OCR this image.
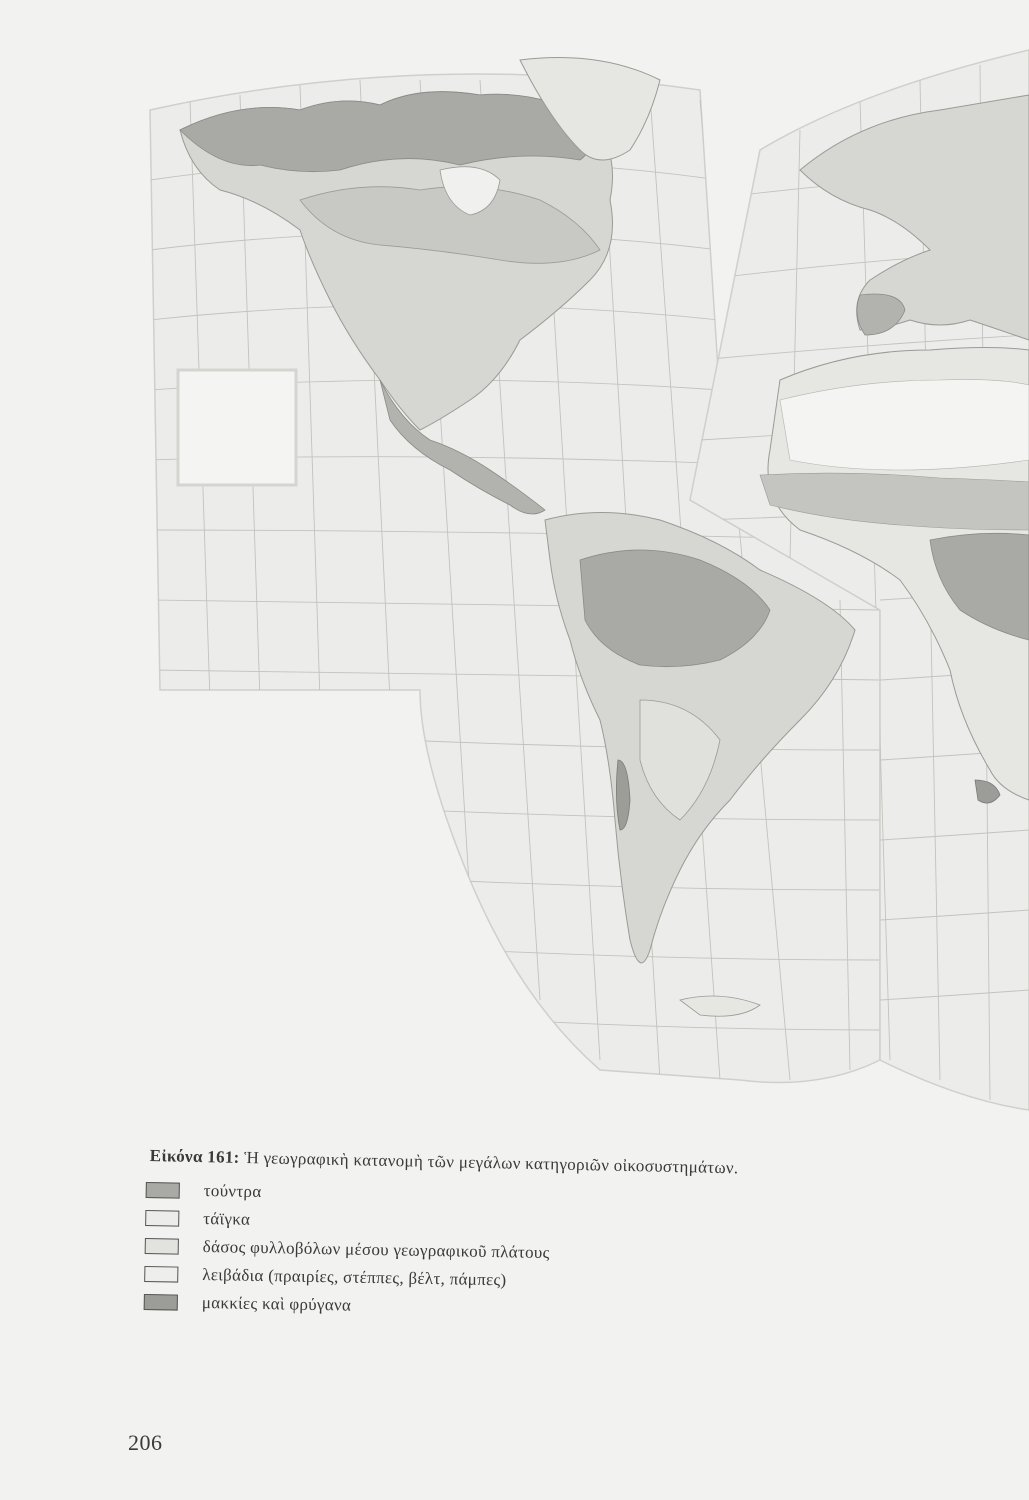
Εἰκόνα 161: Ἡ γεωγραφικὴ κατανομὴ τῶν μεγάλων κατηγοριῶν οἰκοσυστημάτων.
τούντρα
τάϊγκα
δάσος φυλλοβόλων μέσου γεωγραφικοῦ πλάτους
λειβάδια (πραιρίες, στέππες, βέλτ, πάμπες)
μακκίες καὶ φρύγανα
206
